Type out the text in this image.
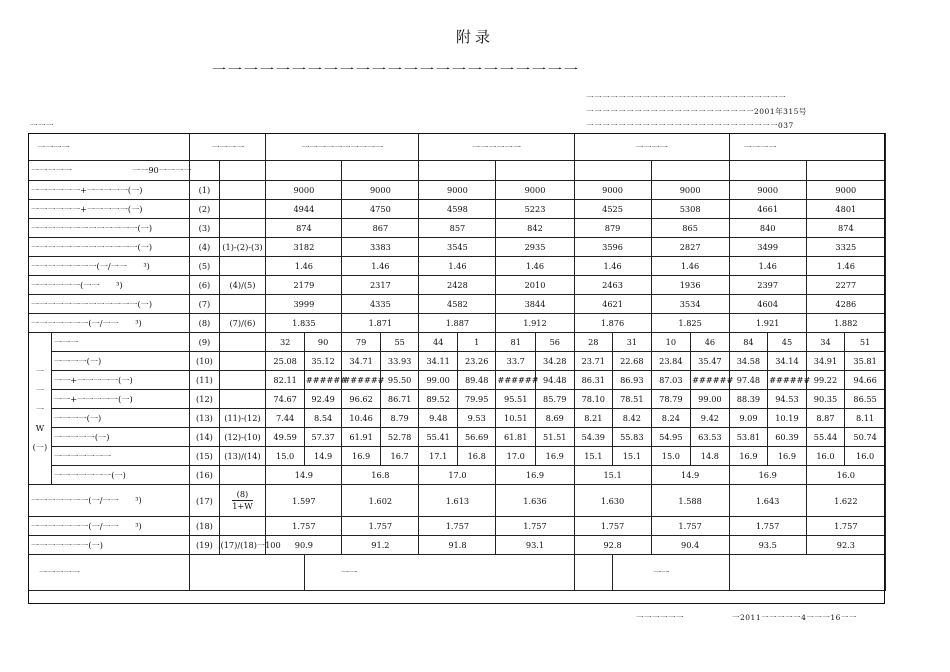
附录
一一一一一一一一一一一一一一一一一一一一一一一
一一一一一一一一一一一一一一一一一一一一一一一一一
一一一一一一一一一一一一一一一一一一一一一2001年315号
一一一一一一一一一一一一一一一一一一一一一一一一037
一一一
一一一一		一一一一		一一一一一一一一一一				一一一一一一				一一一一				一一一一			
一一一一一 一一90一一一一																			
一一一一一一+一一一一一(一)		(1)		9000		9000		9000		9000		9000		9000		9000		9000	
一一一一一一+一一一一一(一)		(2)		4944		4750		4598		5223		4525		5308		4661		4801	
一一一一一一一一一一一一一(一)		(3)		874		867		857		842		879		865		840		874	
一一一一一一一一一一一一一(一)		(4)	(1)-(2)-(3)	3182		3383		3545		2935		3596		2827		3499		3325	
一一一一一一一一(一/一一　　³)		(5)		1.46		1.46		1.46		1.46		1.46		1.46		1.46		1.46	
一一一一一一(一一　　³)		(6)	(4)/(5)	2179		2317		2428		2010		2463		1936		2397		2277	
一一一一一一一一一一一一一(一)		(7)		3999		4335		4582		3844		4621		3534		4604		4286	
一一一一一一一(一/一一　　³)		(8)	(7)/(6)	1.835		1.871		1.887		1.912		1.876		1.825		1.921		1.882	

一
一
一
W
(一)	一一一	(9)		32	90	79	55	44	1	81	56	28	31	10	46	84	45	34	51
	一一一一(一)	(10)		25.08	35.12	34.71	33.93	34.11	23.26	33.7	34.28	23.71	22.68	23.84	35.47	34.58	34.14	34.91	35.81
	一一+一一一一一(一)	(11)		82.11	######	######	95.50	99.00	89.48	######	94.48	86.31	86.93	87.03	######	97.48	######	99.22	94.66
	一一+一一一一一(一)	(12)		74.67	92.49	96.62	86.71	89.52	79.95	95.51	85.79	78.10	78.51	78.79	99.00	88.39	94.53	90.35	86.55
	一一一一(一)	(13)	(11)-(12)	7.44	8.54	10.46	8.79	9.48	9.53	10.51	8.69	8.21	8.42	8.24	9.42	9.09	10.19	8.87	8.11
	一一一一一(一)	(14)	(12)-(10)	49.59	57.37	61.91	52.78	55.41	56.69	61.81	51.51	54.39	55.83	54.95	63.53	53.81	60.39	55.44	50.74
	一一一一一一一	(15)	(13)/(14)	15.0	14.9	16.9	16.7	17.1	16.8	17.0	16.9	15.1	15.1	15.0	14.8	16.9	16.9	16.0	16.0
	一一一一一一一(一)	(16)		14.9		16.8		17.0		16.9		15.1		14.9		16.9		16.0	
一一一一一一一(一/一一　　³)		(17)	$\frac{(8)}{1+W}$	1.597		1.602		1.613		1.636		1.630		1.588		1.643		1.622	
一一一一一一一(一/一一　　³)		(18)		1.757		1.757		1.757		1.757		1.757		1.757		1.757		1.757	
一一一一一一一(一)		(19)	(17)/(18)一100	90.9		91.2		91.8		93.1		92.8		90.4		93.5		92.3	
一一一一一					一一								一一						
一一一一一一	一2011一一一一一4一一一16一一
